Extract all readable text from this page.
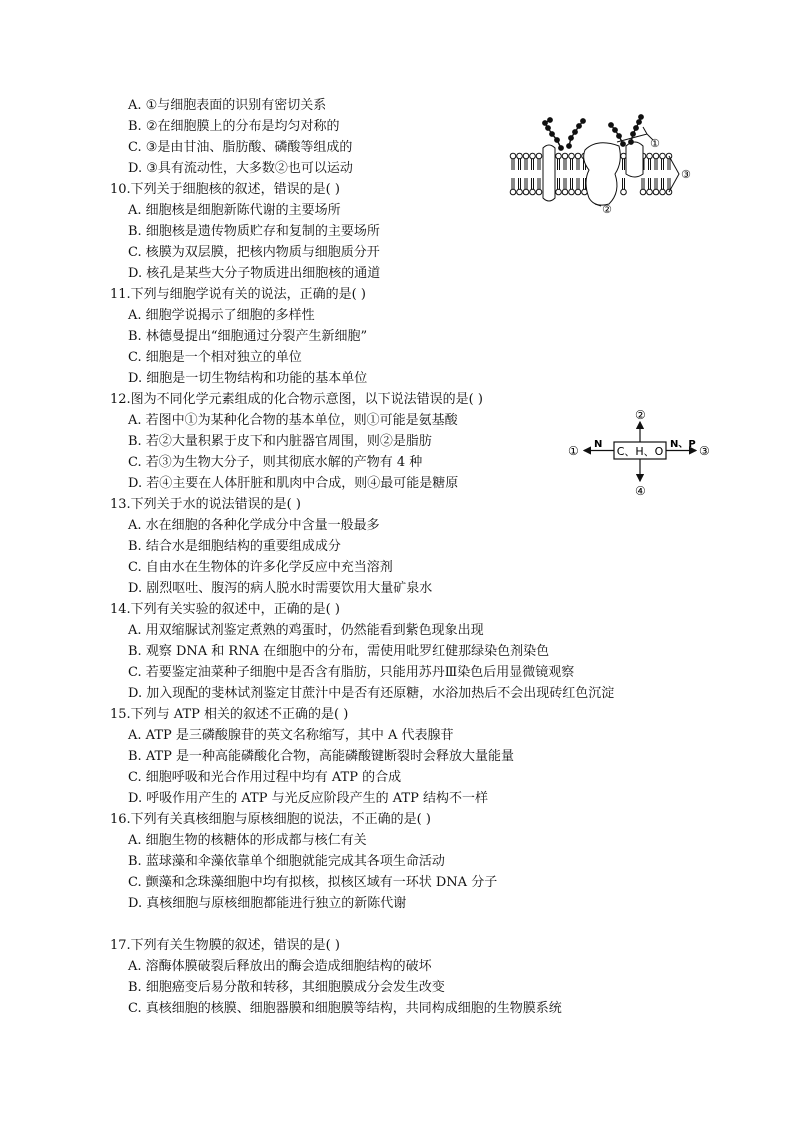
A. ①与细胞表面的识别有密切关系
B. ②在细胞膜上的分布是均匀对称的
C. ③是由甘油、脂肪酸、磷酸等组成的
D. ③具有流动性，大多数②也可以运动
①
②
③
10.下列关于细胞核的叙述，错误的是( )
A. 细胞核是细胞新陈代谢的主要场所
B. 细胞核是遗传物质贮存和复制的主要场所
C. 核膜为双层膜，把核内物质与细胞质分开
D. 核孔是某些大分子物质进出细胞核的通道
11.下列与细胞学说有关的说法，正确的是( )
A. 细胞学说揭示了细胞的多样性
B. 林德曼提出“细胞通过分裂产生新细胞”
C. 细胞是一个相对独立的单位
D. 细胞是一切生物结构和功能的基本单位
12.图为不同化学元素组成的化合物示意图，以下说法错误的是( )
A. 若图中①为某种化合物的基本单位，则①可能是氨基酸
B. 若②大量积累于皮下和内脏器官周围，则②是脂肪
C. 若③为生物大分子，则其彻底水解的产物有 4 种
D. 若④主要在人体肝脏和肌肉中合成，则④最可能是糖原
C、H、O
②
④
①	③
N	N、P
13.下列关于水的说法错误的是( )
A. 水在细胞的各种化学成分中含量一般最多
B. 结合水是细胞结构的重要组成成分
C. 自由水在生物体的许多化学反应中充当溶剂
D. 剧烈呕吐、腹泻的病人脱水时需要饮用大量矿泉水
14.下列有关实验的叙述中，正确的是( )
A. 用双缩脲试剂鉴定煮熟的鸡蛋时，仍然能看到紫色现象出现
B. 观察 DNA 和 RNA 在细胞中的分布，需使用吡罗红健那绿染色剂染色
C. 若要鉴定油菜种子细胞中是否含有脂肪，只能用苏丹Ⅲ染色后用显微镜观察
D. 加入现配的斐林试剂鉴定甘蔗汁中是否有还原糖，水浴加热后不会出现砖红色沉淀
15.下列与 ATP 相关的叙述不正确的是( )
A. ATP 是三磷酸腺苷的英文名称缩写，其中 A 代表腺苷
B. ATP 是一种高能磷酸化合物，高能磷酸键断裂时会释放大量能量
C. 细胞呼吸和光合作用过程中均有 ATP 的合成
D. 呼吸作用产生的 ATP 与光反应阶段产生的 ATP 结构不一样
16.下列有关真核细胞与原核细胞的说法，不正确的是( )
A. 细胞生物的核糖体的形成都与核仁有关
B. 蓝球藻和伞藻依靠单个细胞就能完成其各项生命活动
C. 颤藻和念珠藻细胞中均有拟核，拟核区域有一环状 DNA 分子
D. 真核细胞与原核细胞都能进行独立的新陈代谢
17.下列有关生物膜的叙述，错误的是( )
A. 溶酶体膜破裂后释放出的酶会造成细胞结构的破坏
B. 细胞癌变后易分散和转移，其细胞膜成分会发生改变
C. 真核细胞的核膜、细胞器膜和细胞膜等结构，共同构成细胞的生物膜系统
